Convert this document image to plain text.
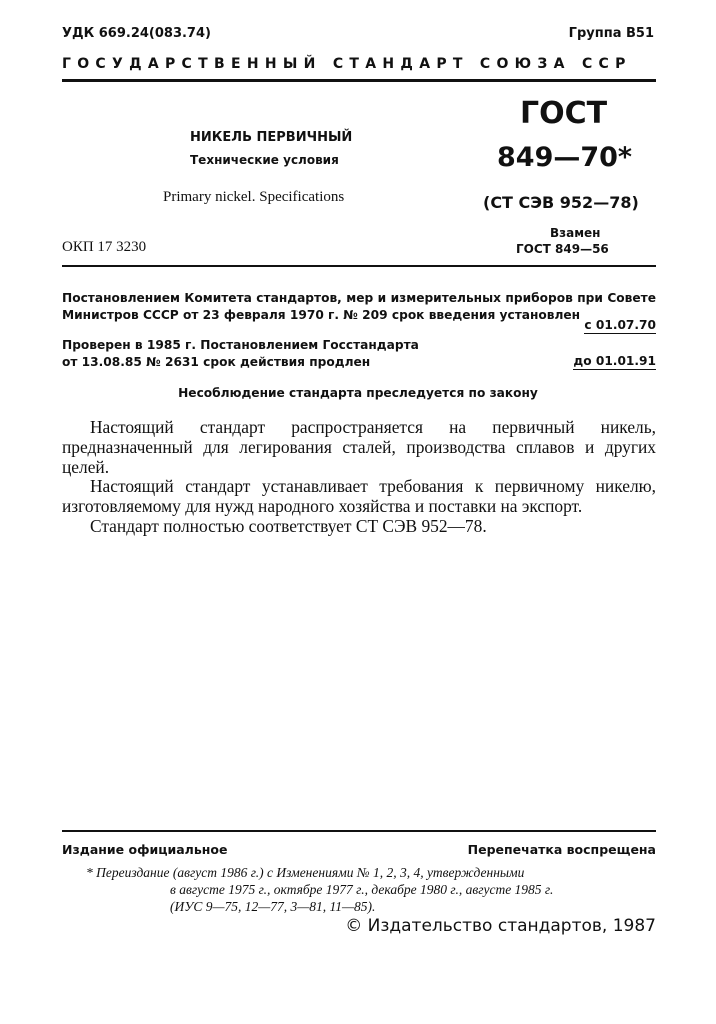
УДК 669.24(083.74)	Группа В51
ГОСУДАРСТВЕННЫЙ СТАНДАРТ СОЮЗА ССР
НИКЕЛЬ ПЕРВИЧНЫЙ
Технические условия
Primary nickel. Specifications
ОКП 17 3230
ГОСТ
849—70*
(СТ СЭВ 952—78)
Взамен
ГОСТ 849—56
Постановлением Комитета стандартов, мер и измерительных приборов при Совете Министров СССР от 23 февраля 1970 г. № 209 срок введения установлен
с 01.07.70
Проверен в 1985 г. Постановлением Госстандарта
от 13.08.85 № 2631 срок действия продлен	до 01.01.91
Несоблюдение стандарта преследуется по закону

Настоящий стандарт распространяется на первичный никель, предназначенный для легирования сталей, производства сплавов и других целей.

Настоящий стандарт устанавливает требования к первичному никелю, изготовляемому для нужд народного хозяйства и поставки на экспорт.

Стандарт полностью соответствует СТ СЭВ 952—78.

Издание официальное	Перепечатка воспрещена
* Переиздание (август 1986 г.) с Изменениями № 1, 2, 3, 4, утвержденными
в августе 1975 г., октябре 1977 г., декабре 1980 г., августе 1985 г.
(ИУС 9—75, 12—77, 3—81, 11—85).
© Издательство стандартов, 1987
